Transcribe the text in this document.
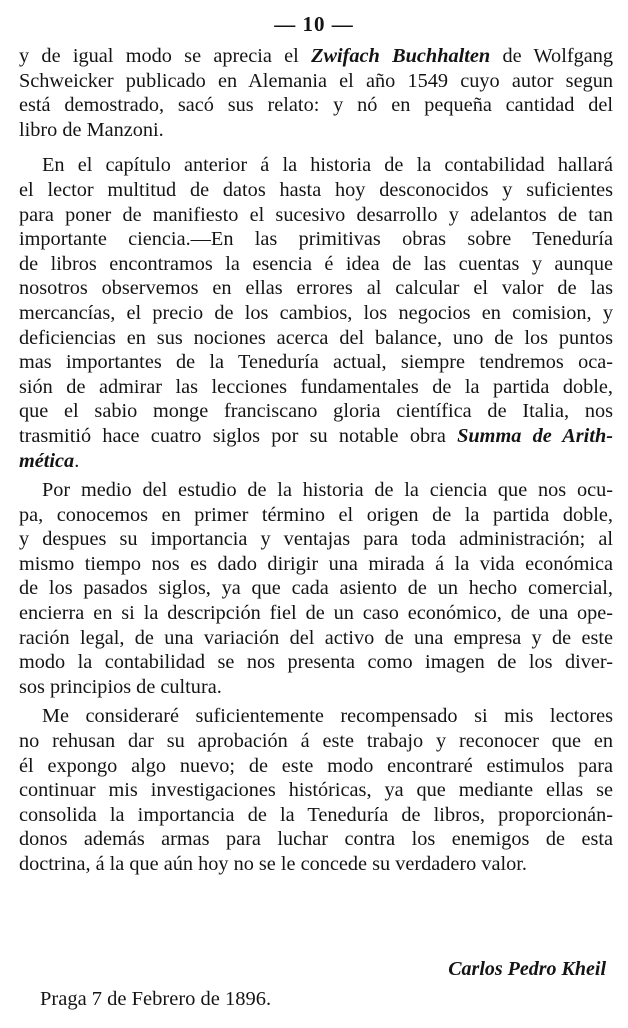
— 10 —
y de igual modo se aprecia el Zwifach Buchhalten de Wolfgang
Schweicker publicado en Alemania el año 1549 cuyo autor segun
está demostrado, sacó sus relato: y nó en pequeña cantidad del
libro de Manzoni.
En el capítulo anterior á la historia de la contabilidad hallará
el lector multitud de datos hasta hoy desconocidos y suficientes
para poner de manifiesto el sucesivo desarrollo y adelantos de tan
importante ciencia.—En las primitivas obras sobre Teneduría
de libros encontramos la esencia é idea de las cuentas y aunque
nosotros observemos en ellas errores al calcular el valor de las
mercancías, el precio de los cambios, los negocios en comision, y
deficiencias en sus nociones acerca del balance, uno de los puntos
mas importantes de la Teneduría actual, siempre tendremos oca-
sión de admirar las lecciones fundamentales de la partida doble,
que el sabio monge franciscano gloria científica de Italia, nos
trasmitió hace cuatro siglos por su notable obra Summa de Arith-
mética.
Por medio del estudio de la historia de la ciencia que nos ocu-
pa, conocemos en primer término el origen de la partida doble,
y despues su importancia y ventajas para toda administración; al
mismo tiempo nos es dado dirigir una mirada á la vida económica
de los pasados siglos, ya que cada asiento de un hecho comercial,
encierra en si la descripción fiel de un caso económico, de una ope-
ración legal, de una variación del activo de una empresa y de este
modo la contabilidad se nos presenta como imagen de los diver-
sos principios de cultura.
Me consideraré suficientemente recompensado si mis lectores
no rehusan dar su aprobación á este trabajo y reconocer que en
él expongo algo nuevo; de este modo encontraré estimulos para
continuar mis investigaciones históricas, ya que mediante ellas se
consolida la importancia de la Teneduría de libros, proporcionán-
donos además armas para luchar contra los enemigos de esta
doctrina, á la que aún hoy no se le concede su verdadero valor.
Carlos Pedro Kheil
Praga 7 de Febrero de 1896.
